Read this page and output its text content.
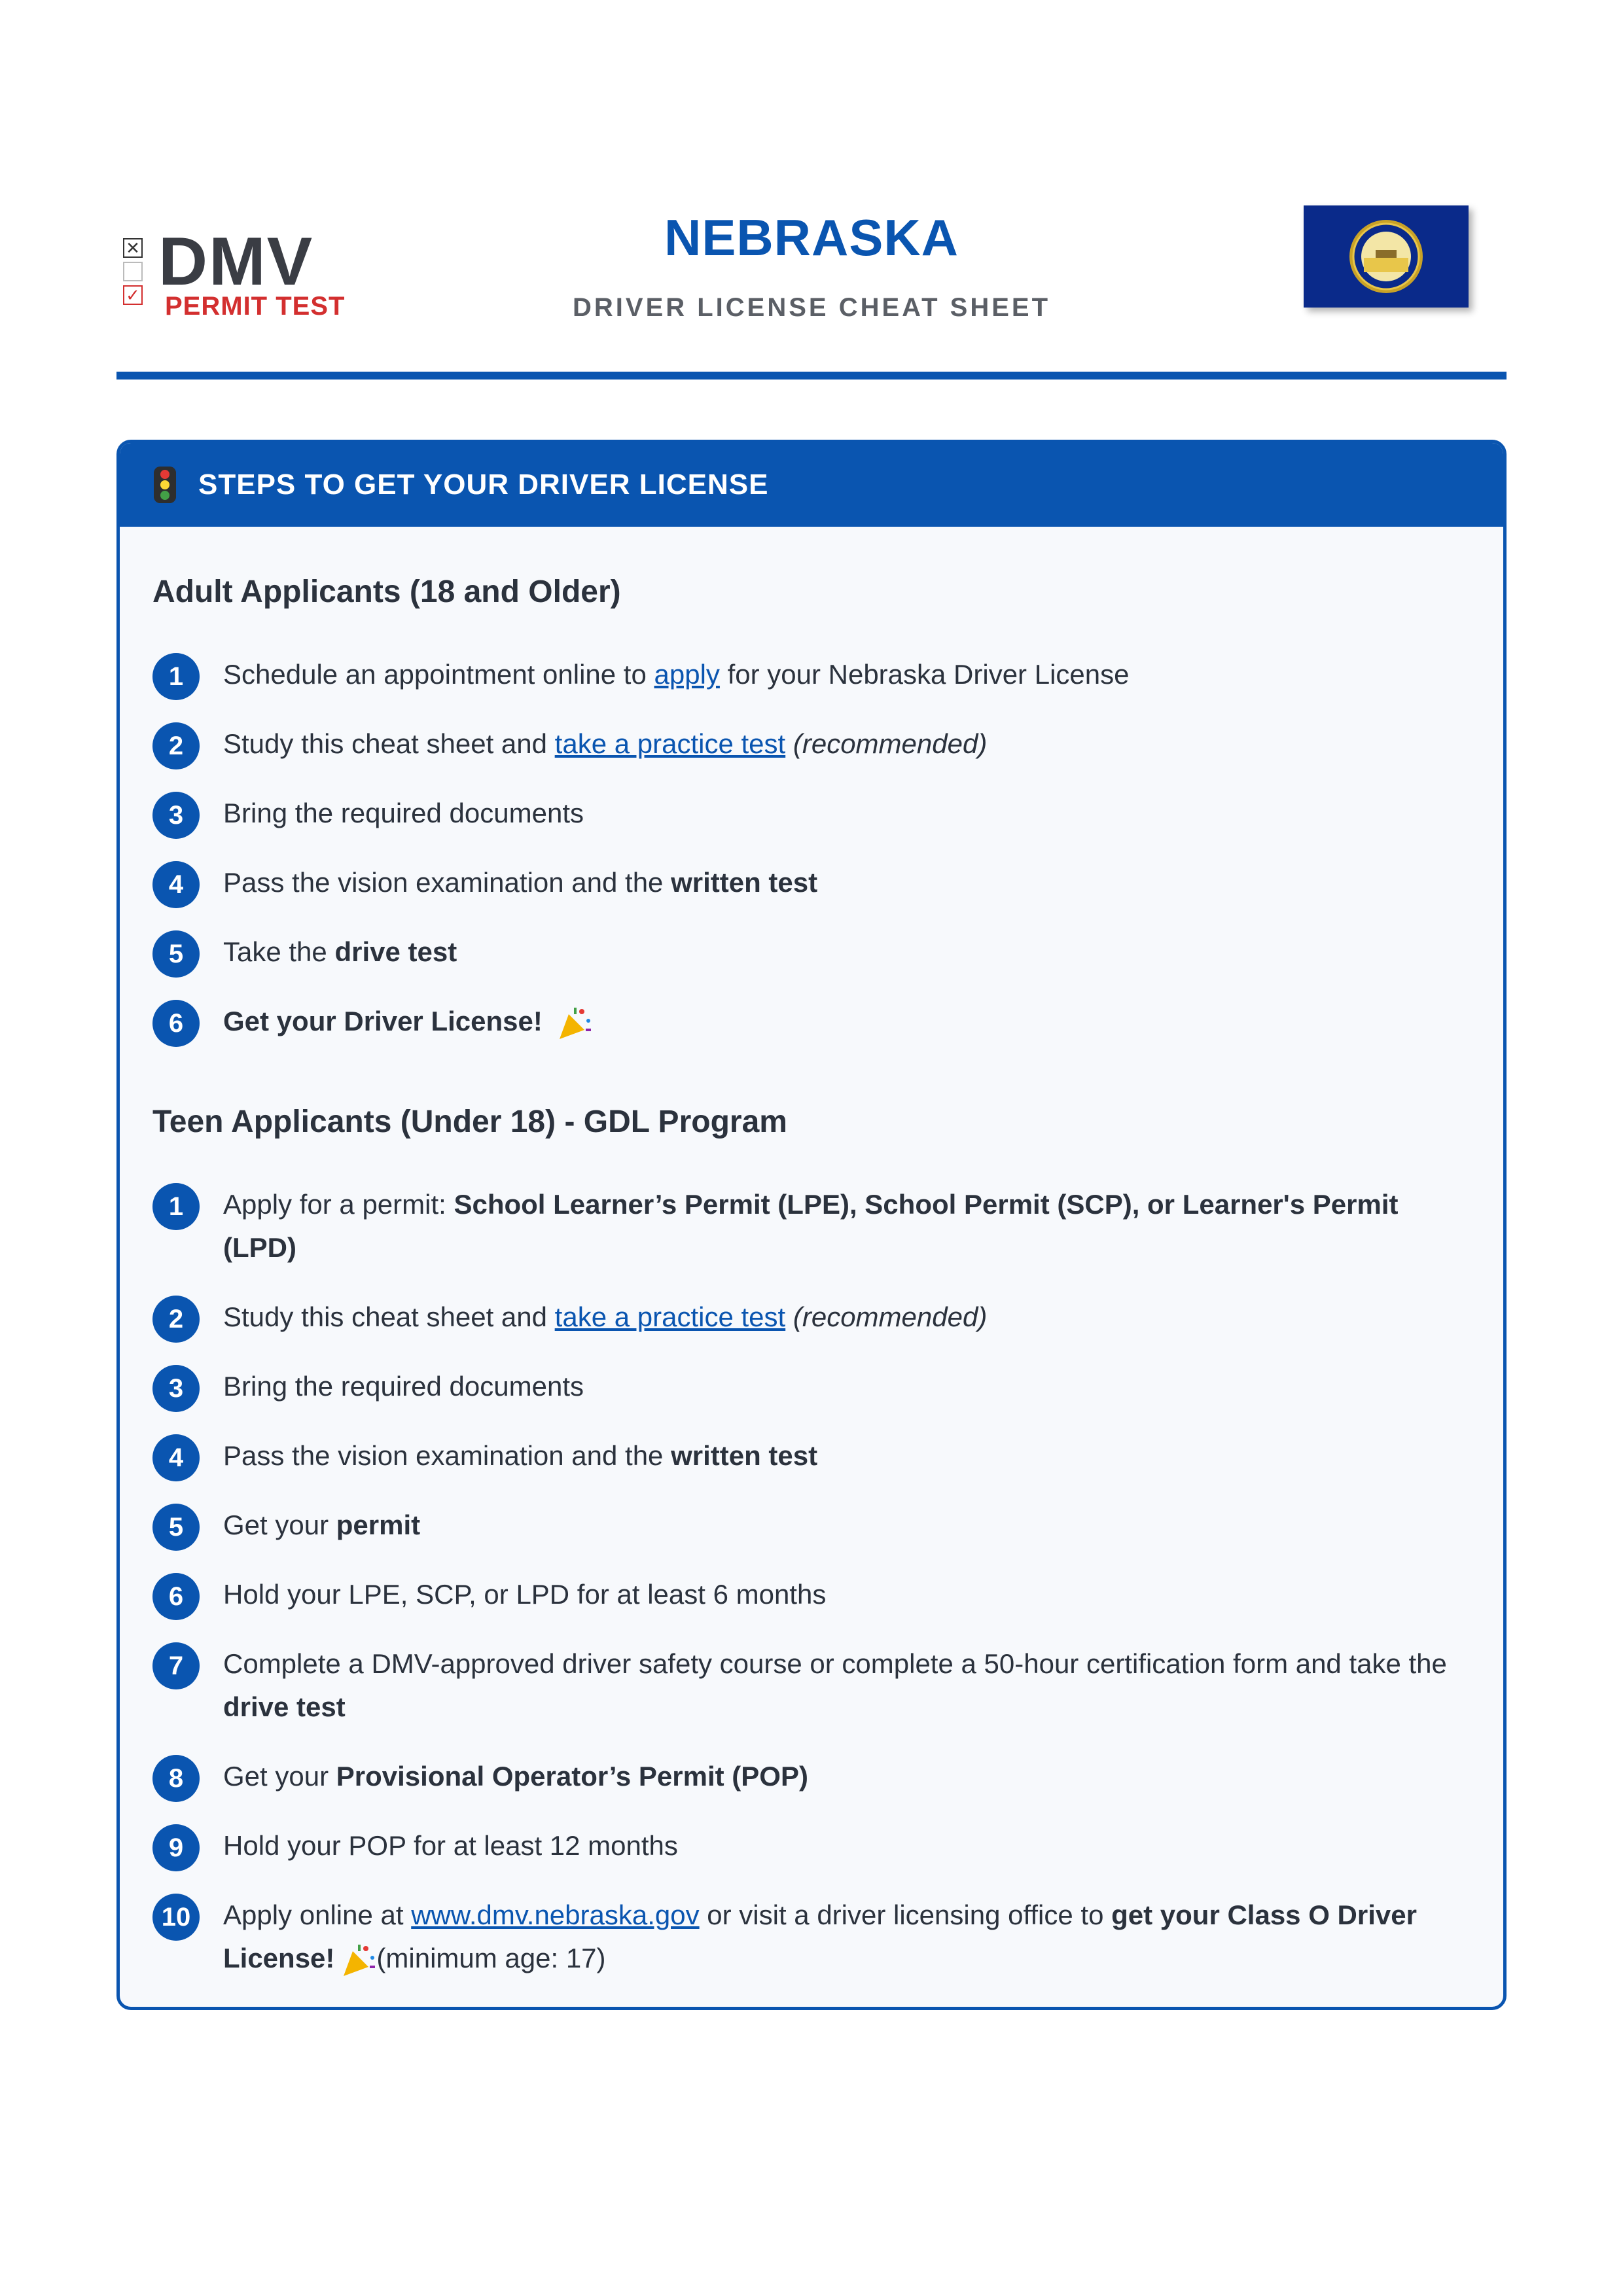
✕
✓ DMV
PERMIT TEST
NEBRASKA
DRIVER LICENSE CHEAT SHEET
STEPS TO GET YOUR DRIVER LICENSE
Adult Applicants (18 and Older)
1	Schedule an appointment online to apply for your Nebraska Driver License
2	Study this cheat sheet and take a practice test (recommended)
3	Bring the required documents
4	Pass the vision examination and the written test
5	Take the drive test
6	Get your Driver License!
Teen Applicants (Under 18) - GDL Program
1	Apply for a permit: School Learner’s Permit (LPE), School Permit (SCP), or Learner's Permit (LPD)
2	Study this cheat sheet and take a practice test (recommended)
3	Bring the required documents
4	Pass the vision examination and the written test
5	Get your permit
6	Hold your LPE, SCP, or LPD for at least 6 months
7	Complete a DMV-approved driver safety course or complete a 50-hour certification form and take the drive test
8	Get your Provisional Operator’s Permit (POP)
9	Hold your POP for at least 12 months
10	Apply online at www.dmv.nebraska.gov or visit a driver licensing office to get your Class O Driver License! (minimum age: 17)
